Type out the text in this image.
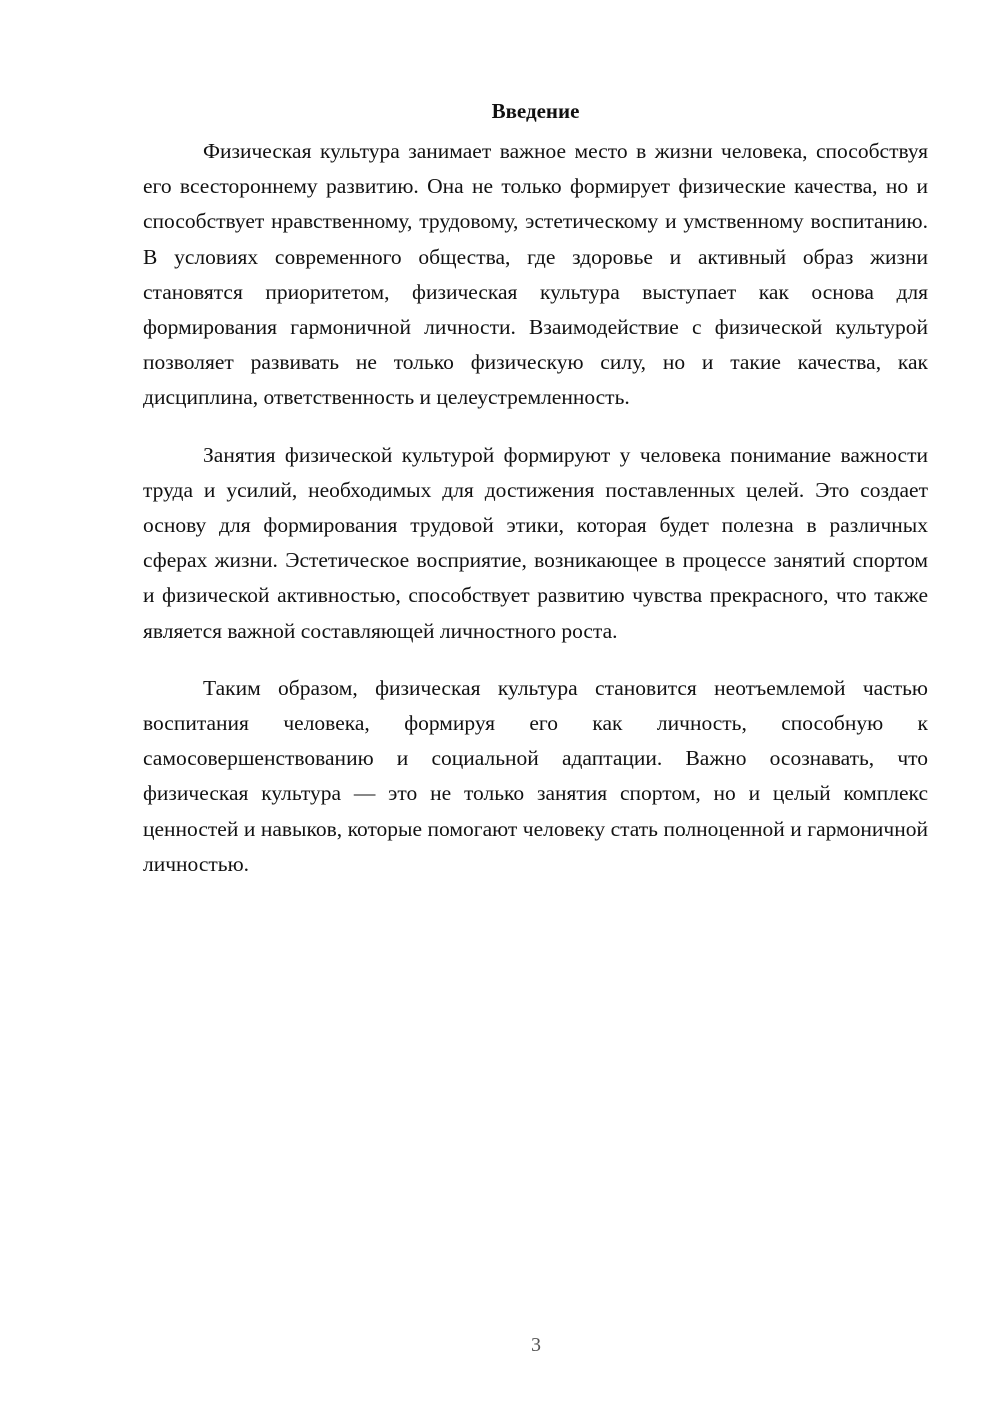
Введение

Физическая культура занимает важное место в жизни человека, способствуя его всестороннему развитию. Она не только формирует физические качества, но и способствует нравственному, трудовому, эстетическому и умственному воспитанию. В условиях современного общества, где здоровье и активный образ жизни становятся приоритетом, физическая культура выступает как основа для формирования гармоничной личности. Взаимодействие с физической культурой позволяет развивать не только физическую силу, но и такие качества, как дисциплина, ответственность и целеустремленность.

Занятия физической культурой формируют у человека понимание важности труда и усилий, необходимых для достижения поставленных целей. Это создает основу для формирования трудовой этики, которая будет полезна в различных сферах жизни. Эстетическое восприятие, возникающее в процессе занятий спортом и физической активностью, способствует развитию чувства прекрасного, что также является важной составляющей личностного роста.

Таким образом, физическая культура становится неотъемлемой частью воспитания человека, формируя его как личность, способную к самосовершенствованию и социальной адаптации. Важно осознавать, что физическая культура — это не только занятия спортом, но и целый комплекс ценностей и навыков, которые помогают человеку стать полноценной и гармоничной личностью.

3
